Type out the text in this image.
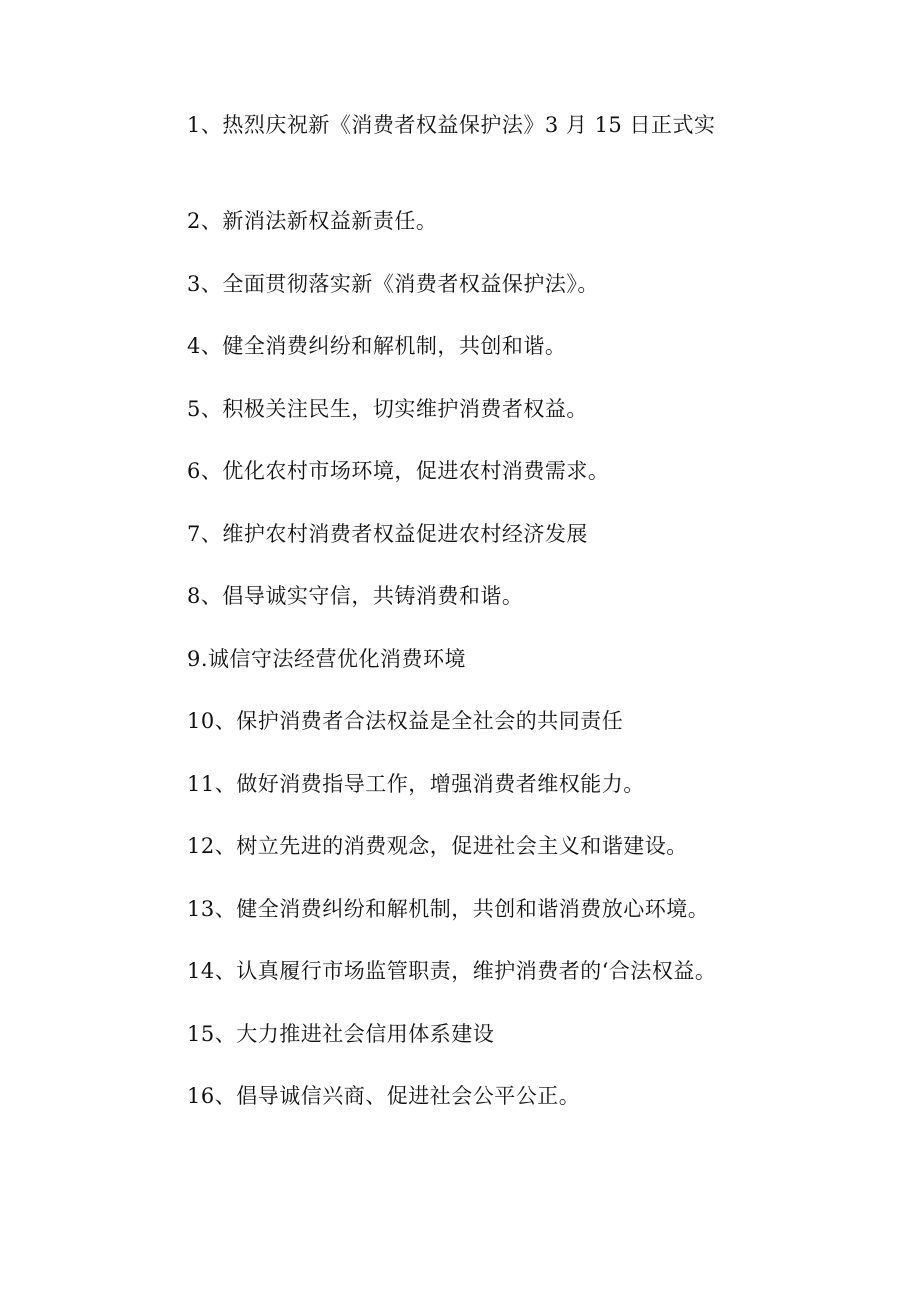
1、热烈庆祝新《消费者权益保护法》3 月 15 日正式实
2、新消法新权益新责任。
3、全面贯彻落实新《消费者权益保护法》。
4、健全消费纠纷和解机制，共创和谐。
5、积极关注民生，切实维护消费者权益。
6、优化农村市场环境，促进农村消费需求。
7、维护农村消费者权益促进农村经济发展
8、倡导诚实守信，共铸消费和谐。
9.诚信守法经营优化消费环境
10、保护消费者合法权益是全社会的共同责任
11、做好消费指导工作，增强消费者维权能力。
12、树立先进的消费观念，促进社会主义和谐建设。
13、健全消费纠纷和解机制，共创和谐消费放心环境。
14、认真履行市场监管职责，维护消费者的‘合法权益。
15、大力推进社会信用体系建设
16、倡导诚信兴商、促进社会公平公正。
